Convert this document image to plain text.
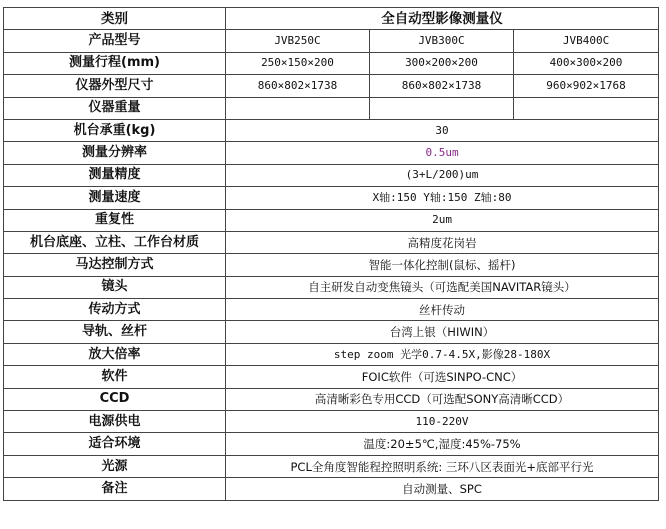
类别	全自动型影像测量仪		
产品型号	JVB250C	JVB300C	JVB400C
测量行程(mm)	250×150×200	300×200×200	400×300×200
仪器外型尺寸	860×802×1738	860×802×1738	960×902×1768
仪器重量			
机台承重(kg)	30		
测量分辨率	0.5um		
测量精度	(3+L/200)um		
测量速度	X轴:150 Y轴:150 Z轴:80		
重复性	2um		
机台底座、立柱、工作台材质	高精度花岗岩		
马达控制方式	智能一体化控制(鼠标、摇杆)		
镜头	自主研发自动变焦镜头（可选配美国NAVITAR镜头）		
传动方式	丝杆传动		
导轨、丝杆	台湾上银（HIWIN）		
放大倍率	step zoom 光学0.7-4.5X,影像28-180X		
软件	FOIC软件（可选SINPO-CNC）		
CCD	高清晰彩色专用CCD（可选配SONY高清晰CCD）		
电源供电	110-220V		
适合环境	温度:20±5℃,湿度:45%-75%		
光源	PCL全角度智能程控照明系统: 三环八区表面光+底部平行光		
备注	自动测量、SPC		
